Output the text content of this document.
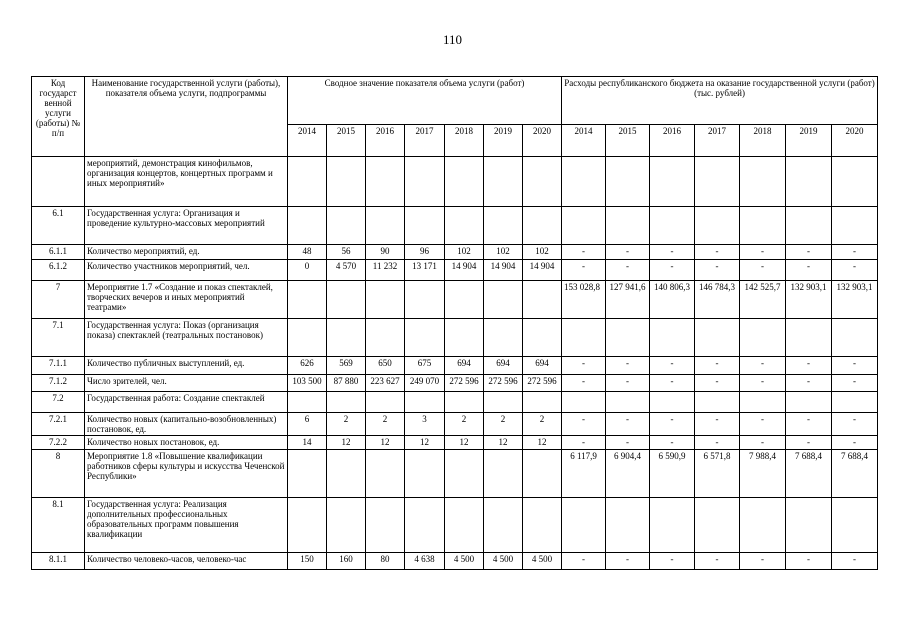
110
Код государст венной услуги (работы) № п/п	Наименование государственной услуги (работы), показателя объема услуги, подпрограммы	Сводное значение показателя объема услуги (работ)							Расходы республиканского бюджета на оказание государственной услуги (работ) (тыс. рублей)						
		2014	2015	2016	2017	2018	2019	2020	2014	2015	2016	2017	2018	2019	2020
	мероприятий, демонстрация кинофильмов, организация концертов, концертных программ и иных мероприятий»														
6.1	Государственная услуга: Организация и проведение культурно-массовых мероприятий														
6.1.1	Количество мероприятий, ед.	48	56	90	96	102	102	102	-	-	-	-	-	-	-
6.1.2	Количество участников мероприятий, чел.	0	4 570	11 232	13 171	14 904	14 904	14 904	-	-	-	-	-	-	-
7	Мероприятие 1.7 «Создание и показ спектаклей, творческих вечеров и иных мероприятий театрами»								153 028,8	127 941,6	140 806,3	146 784,3	142 525,7	132 903,1	132 903,1
7.1	Государственная услуга: Показ (организация показа) спектаклей (театральных постановок)														
7.1.1	Количество публичных выступлений, ед.	626	569	650	675	694	694	694	-	-	-	-	-	-	-
7.1.2	Число зрителей, чел.	103 500	87 880	223 627	249 070	272 596	272 596	272 596	-	-	-	-	-	-	-
7.2	Государственная работа: Создание спектаклей														
7.2.1	Количество новых (капитально-возобновленных) постановок, ед.	6	2	2	3	2	2	2	-	-	-	-	-	-	-
7.2.2	Количество новых постановок, ед.	14	12	12	12	12	12	12	-	-	-	-	-	-	-
8	Мероприятие 1.8 «Повышение квалификации работников сферы культуры и искусства Чеченской Республики»								6 117,9	6 904,4	6 590,9	6 571,8	7 988,4	7 688,4	7 688,4
8.1	Государственная услуга: Реализация дополнительных профессиональных образовательных программ повышения квалификации														
8.1.1	Количество человеко-часов, человеко-час	150	160	80	4 638	4 500	4 500	4 500	-	-	-	-	-	-	-
